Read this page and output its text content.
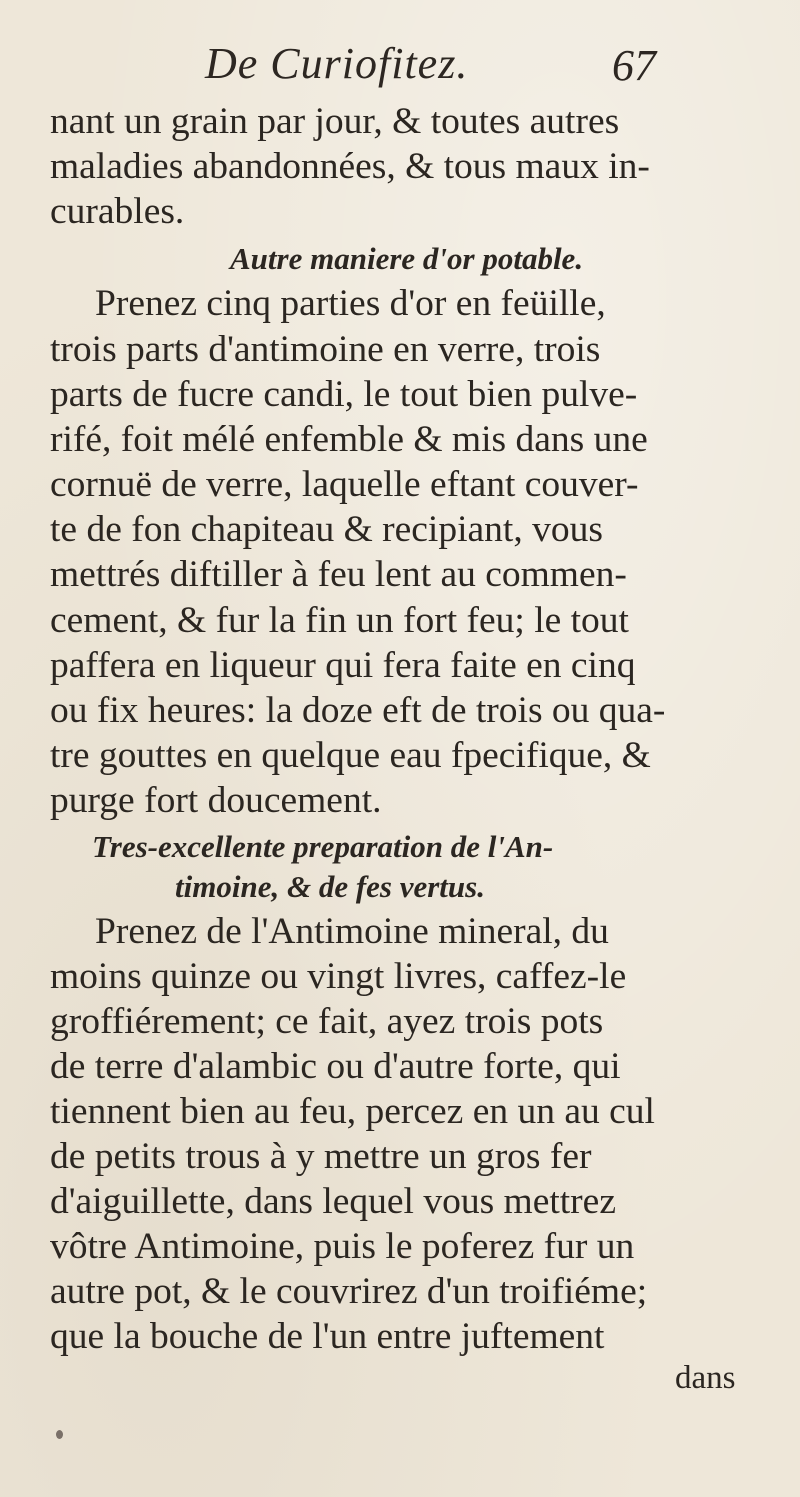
De Curiofitez.	67
nant un grain par jour, & toutes autres
maladies abandonnées, & tous maux in-
curables.
Autre maniere d'or potable.
Prenez cinq parties d'or en feüille,
trois parts d'antimoine en verre, trois
parts de fucre candi, le tout bien pulve-
rifé, foit mélé enfemble & mis dans une
cornuë de verre, laquelle eftant couver-
te de fon chapiteau & recipiant, vous
mettrés diftiller à feu lent au commen-
cement, & fur la fin un fort feu; le tout
paffera en liqueur qui fera faite en cinq
ou fix heures: la doze eft de trois ou qua-
tre gouttes en quelque eau fpecifique, &
purge fort doucement.
Tres-excellente preparation de l'An-
timoine, & de fes vertus.
Prenez de l'Antimoine mineral, du
moins quinze ou vingt livres, caffez-le
groffiérement; ce fait, ayez trois pots
de terre d'alambic ou d'autre forte, qui
tiennent bien au feu, percez en un au cul
de petits trous à y mettre un gros fer
d'aiguillette, dans lequel vous mettrez
vôtre Antimoine, puis le poferez fur un
autre pot, & le couvrirez d'un troifiéme;
que la bouche de l'un entre juftement
dans
